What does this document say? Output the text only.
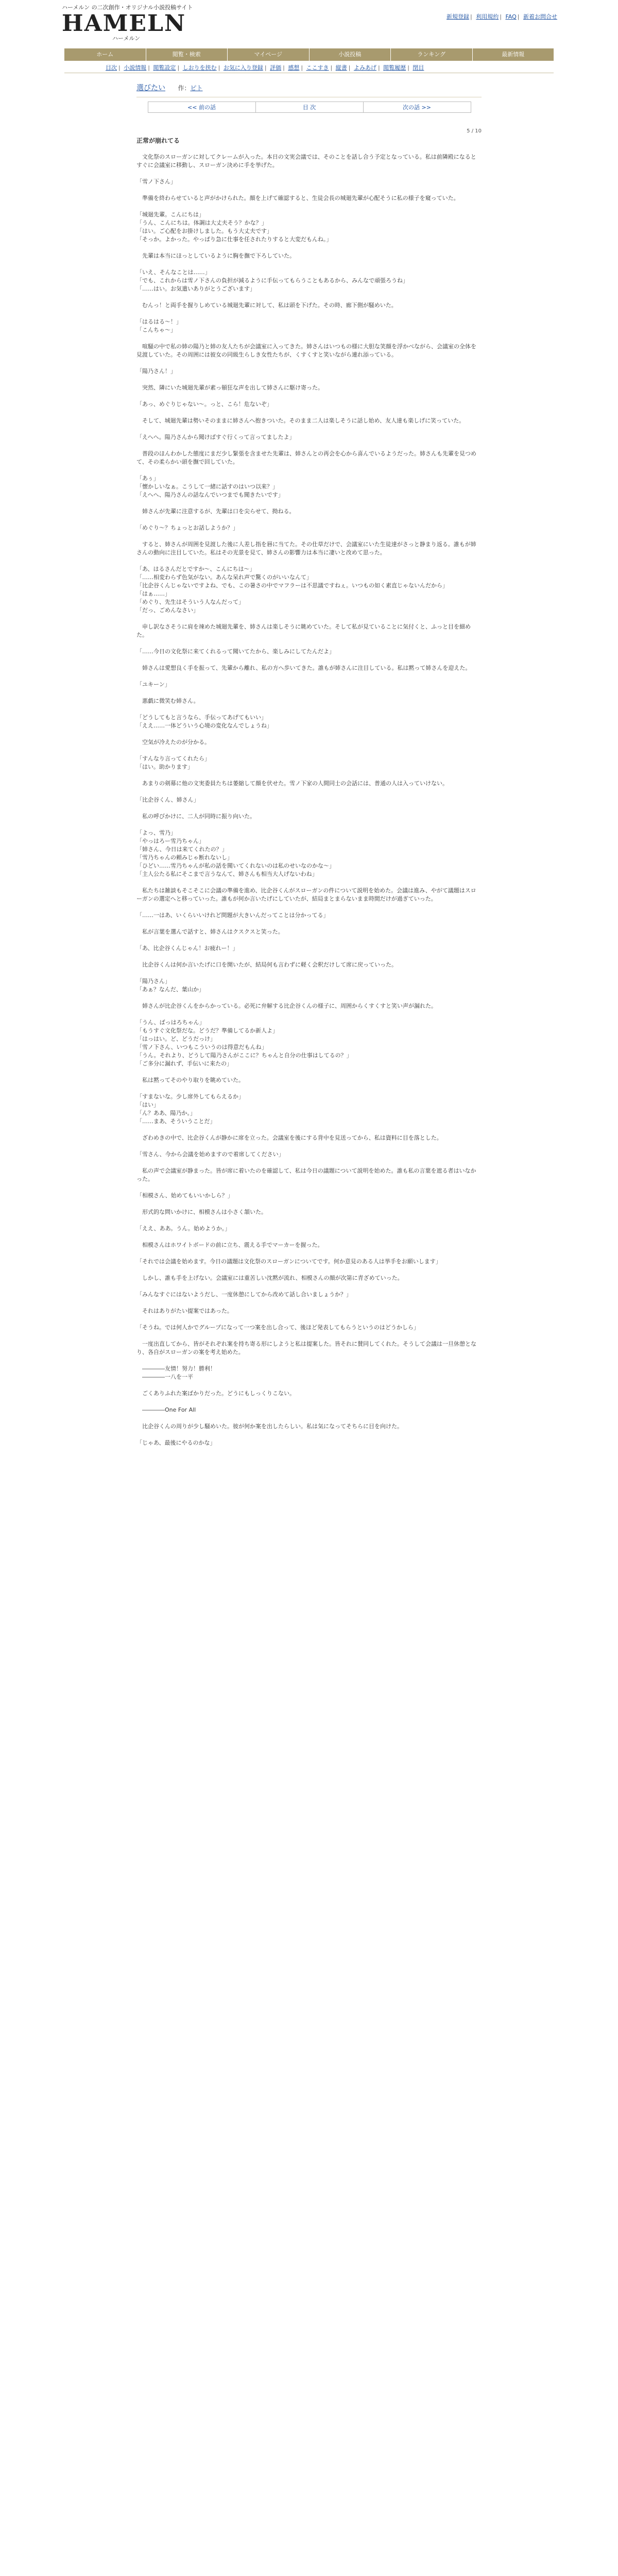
ハーメルン の二次創作・オリジナル小説投稿サイト
HAMELN
ハーメルン
新規登録 | 利用規約 | FAQ | 新着お問合せ
ホーム	閲覧・検索	マイページ	小説投稿	ランキング	最新情報
目次 | 小説情報 | 閲覧設定 | しおりを挟む | お気に入り登録 | 評価 | 感想 | ここすき | 縦書 | よみあげ | 閲覧履歴 | 閉目
選びたい 作：ピト
<< 前の話	目 次	次の話 >>
5 / 10
正常が崩れてる

　文化祭のスローガンに対してクレームが入った。本日の文実会議では、そのことを話し合う予定となっている。私は前隣殿になるとすぐに会議室に移動し、スローガン決めに手を挙げた。

「雪ノ下さん」

　準備を終わらせていると声がかけられた。顔を上げて確認すると、生徒会長の城廻先輩が心配そうに私の様子を窺っていた。

「城廻先輩。こんにちは」

「うん、こんにちは。体調は大丈夫そう？かな？」

「はい。ご心配をお掛けしました。もう大丈夫です」

「そっか。よかった。やっぱり急に仕事を任されたりすると大変だもんね。」

　先輩は本当にほっとしているように胸を撫で下ろしていた。

「いえ、そんなことは……」

「でも、これからは雪ノ下さんの負担が減るように手伝ってもらうこともあるから、みんなで頑張ろうね」

「……はい。お気遣いありがとうございます」

　むんっ！と両手を握りしめている城廻先輩に対して、私は頭を下げた。その時、廊下側が騒めいた。

「はるはる〜！」

「こんちゃ〜」

　喧騒の中で私の姉の陽乃と姉の友人たちが会議室に入ってきた。姉さんはいつもの様に大胆な笑顔を浮かべながら、会議室の全体を見渡していた。その周囲には彼女の同級生らしき女性たちが、くすくすと笑いながら連れ添っている。

「陽乃さん！」

　突然、隣にいた城廻先輩が素っ頓狂な声を出して姉さんに駆け寄った。

「あっ、めぐりじゃない〜。っと、こら！危ないぞ」

　そして、城廻先輩は勢いそのままに姉さんへ抱きついた。そのまま二人は楽しそうに話し始め、友人達も楽しげに笑っていた。

「えへへ。陽乃さんから聞けばすぐ行くって言ってましたよ」

　普段のほんわかした態度にまだ少し緊張を含ませた先輩は、姉さんとの再会を心から喜んでいるようだった。姉さんも先輩を見つめて、その柔らかい頭を撫で回していた。

「あぅ」

「懐かしいなぁ。こうして一緒に話すのはいつ以来？」

「えへへ、陽乃さんの話なんでいつまでも聞きたいです」

　姉さんが先輩に注意するが、先輩は口を尖らせて、拗ねる。

「めぐり〜？ちょっとお話しようか？」

　すると、姉さんが周囲を見渡した後に人差し指を唇に当てた。その仕草だけで、会議室にいた生徒達がさっと静まり返る。誰もが姉さんの動向に注目していた。私はその光景を見て、姉さんの影響力は本当に凄いと改めて思った。

「あ、はるさんだとですか〜、こんにちは〜」

「……相変わらず色気がない。あんな呆れ声で驚くのがいいなんて」

「比企谷くんじゃないですよね、でも、この暑さの中でマフラーは不思議ですねぇ。いつもの如く素直じゃないんだから」

「はぁ……」

「めぐり、先生はそういう人なんだって」

「だっ、ごめんなさい」

　申し訳なさそうに肩を竦めた城廻先輩を、姉さんは楽しそうに眺めていた。そして私が見ていることに気付くと、ふっと目を細めた。

「……今日の文化祭に来てくれるって聞いてたから、楽しみにしてたんだよ」

　姉さんは愛想良く手を振って、先輩から離れ、私の方へ歩いてきた。誰もが姉さんに注目している。私は黙って姉さんを迎えた。

「ユキーン」

　悪戯に微笑む姉さん。

「どうしてもと言うなら、手伝ってあげてもいい」

「ええ……一体どういう心境の変化なんでしょうね」

　空気が冷えたのが分かる。

「すんなり言ってくれたら」

「はい。助かります」

　あまりの剣幕に他の文実委員たちは萎縮して顔を伏せた。雪ノ下家の人間同士の会話には、普通の人は入っていけない。

「比企谷くん、姉さん」

　私の呼びかけに、二人が同時に振り向いた。

「よっ、雪乃」

「やっはろー雪乃ちゃん」

「姉さん、今日は来てくれたの？」

「雪乃ちゃんの頼みじゃ断れないし」

「ひどい……雪乃ちゃんが私の話を聞いてくれないのは私のせいなのかな〜」

「主人公たる私にそこまで言うなんて、姉さんも相当大人げないわね」

　私たちは雑談もそこそこに会議の準備を進め、比企谷くんがスローガンの件について説明を始めた。会議は進み、やがて議題はスローガンの選定へと移っていった。誰もが何か言いたげにしていたが、結局まとまらないまま時間だけが過ぎていった。

「……一はあ、いくらいいけれど問題が大きいんだってことは分かってる」

　私が言葉を選んで話すと、姉さんはクスクスと笑った。

「あ、比企谷くんじゃん！お疲れー！」

　比企谷くんは何か言いたげに口を開いたが、結局何も言わずに軽く会釈だけして席に戻っていった。

「陽乃さん」

「あぁ？なんだ、葉山か」

　姉さんが比企谷くんをからかっている。必死に弁解する比企谷くんの様子に、周囲からくすくすと笑い声が漏れた。

「うん、ばっはろちゃん」

「もうすぐ文化祭だな。どうだ？準備してるか新人よ」

「はっはい。ど、どうだっけ」

「雪ノ下さん、いつもこういうのは得意だもんね」

「うん。それより、どうして陽乃さんがここに？ちゃんと自分の仕事はしてるの？」

「ご多分に漏れず、手伝いに来たの」

　私は黙ってそのやり取りを眺めていた。

「すまないな。少し席外してもらえるか」

「はい」

「ん？ああ、陽乃か。」

「……まあ、そういうことだ」

　ざわめきの中で、比企谷くんが静かに席を立った。会議室を後にする背中を見送ってから、私は資料に目を落とした。

「雪さん、今から会議を始めますので着席してください」

　私の声で会議室が静まった。皆が席に着いたのを確認して、私は今日の議題について説明を始めた。誰も私の言葉を遮る者はいなかった。

「相模さん、始めてもいいかしら？」

　形式的な問いかけに、相模さんは小さく頷いた。

「ええ、ああ。うん。始めようか。」

　相模さんはホワイトボードの前に立ち、震える手でマーカーを握った。

「それでは会議を始めます。今日の議題は文化祭のスローガンについてです。何か意見のある人は挙手をお願いします」

　しかし、誰も手を上げない。会議室には重苦しい沈黙が流れ、相模さんの顔が次第に青ざめていった。

「みんなすぐにはないようだし、一度休憩にしてから改めて話し合いましょうか？」

　それはありがたい提案ではあった。

「そうね。では何人かでグループになって一つ案を出し合って、後ほど発表してもらうというのはどうかしら」

　一度出直してから、皆がそれぞれ案を持ち寄る形にしようと私は提案した。皆それに賛同してくれた。そうして会議は一旦休憩となり、各自がスローガンの案を考え始めた。

　――――友情！努力！勝利！

　――――一八を一平

　ごくありふれた案ばかりだった。どうにもしっくりこない。

　――――One For All

　比企谷くんの周りが少し騒めいた。彼が何か案を出したらしい。私は気になってそちらに目を向けた。

「じゃあ、最後にやるのかな」
